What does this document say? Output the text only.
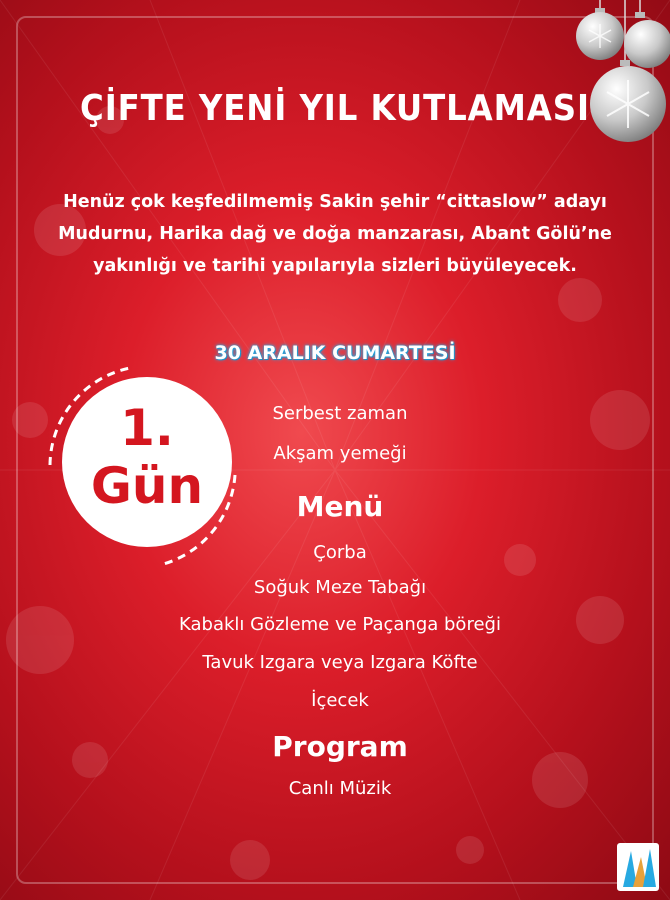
ÇİFTE YENİ YIL KUTLAMASI
Henüz çok keşfedilmemiş Sakin şehir “cittaslow” adayı
Mudurnu, Harika dağ ve doğa manzarası, Abant Gölü’ne
yakınlığı ve tarihi yapılarıyla sizleri büyüleyecek.
30 ARALIK CUMARTESİ
1.
Gün
Serbest zaman
Akşam yemeği
Menü
Çorba
Soğuk Meze Tabağı
Kabaklı Gözleme ve Paçanga böreği
Tavuk Izgara veya Izgara Köfte
İçecek
Program
Canlı Müzik
